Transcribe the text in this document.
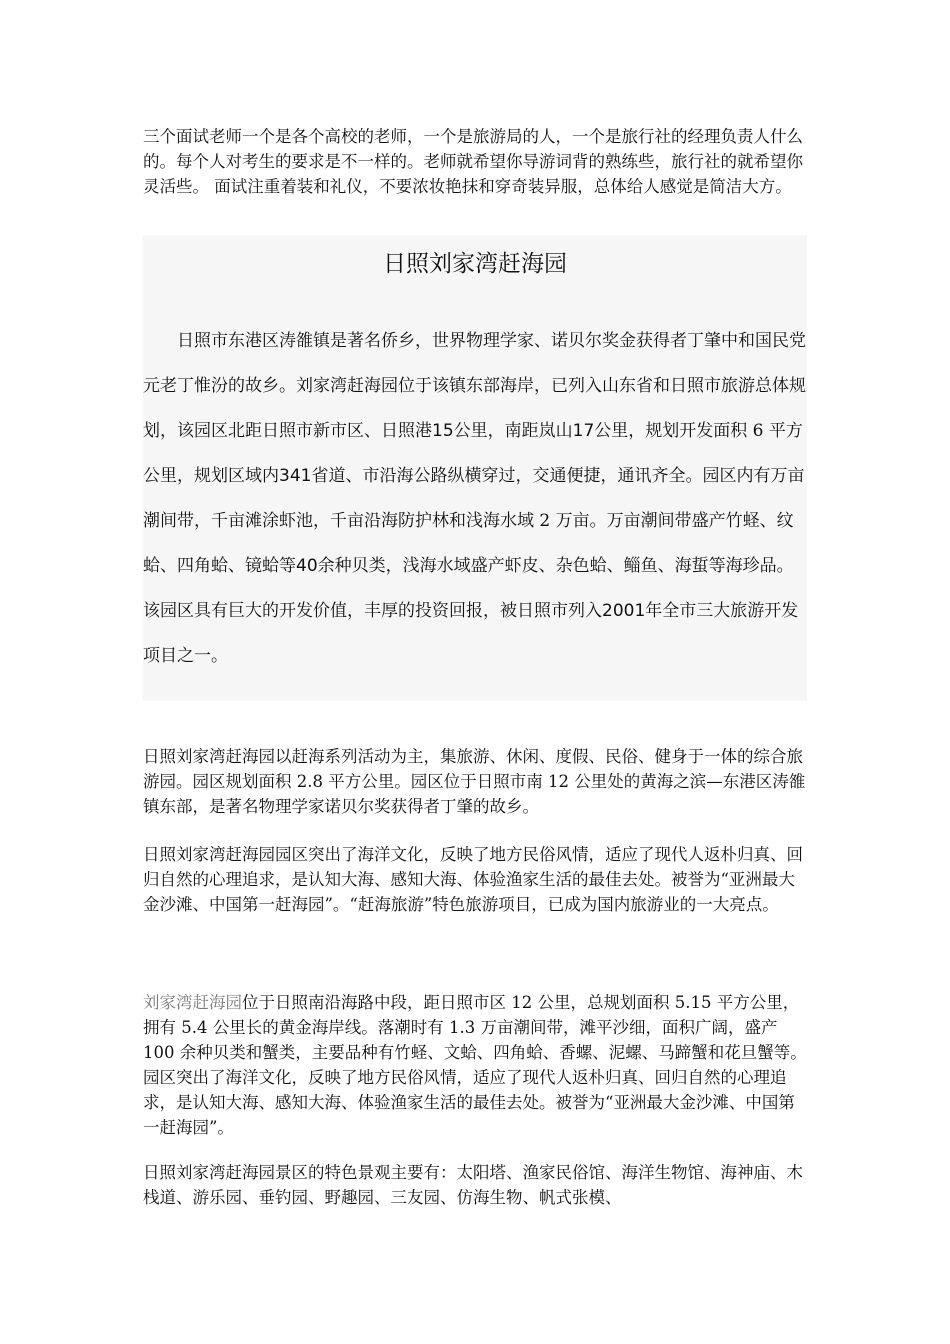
三个面试老师一个是各个高校的老师，一个是旅游局的人，一个是旅行社的经理负责人什么的。每个人对考生的要求是不一样的。老师就希望你导游词背的熟练些，旅行社的就希望你灵活些。 面试注重着装和礼仪，不要浓妆艳抹和穿奇装异服，总体给人感觉是简洁大方。

日照刘家湾赶海园

日照市东港区涛雒镇是著名侨乡，世界物理学家、诺贝尔奖金获得者丁肇中和国民党元老丁惟汾的故乡。刘家湾赶海园位于该镇东部海岸，已列入山东省和日照市旅游总体规划，该园区北距日照市新市区、日照港15公里，南距岚山17公里，规划开发面积 6 平方公里，规划区域内341省道、市沿海公路纵横穿过，交通便捷，通讯齐全。园区内有万亩潮间带，千亩滩涂虾池，千亩沿海防护林和浅海水域 2 万亩。万亩潮间带盛产竹蛏、纹蛤、四角蛤、镜蛤等40余种贝类，浅海水域盛产虾皮、杂色蛤、鲻鱼、海蜇等海珍品。该园区具有巨大的开发价值，丰厚的投资回报，被日照市列入2001年全市三大旅游开发项目之一。

日照刘家湾赶海园以赶海系列活动为主，集旅游、休闲、度假、民俗、健身于一体的综合旅游园。园区规划面积 2.8 平方公里。园区位于日照市南 12 公里处的黄海之滨—东港区涛雒镇东部，是著名物理学家诺贝尔奖获得者丁肇的故乡。

日照刘家湾赶海园园区突出了海洋文化，反映了地方民俗风情，适应了现代人返朴归真、回归自然的心理追求，是认知大海、感知大海、体验渔家生活的最佳去处。被誉为“亚洲最大金沙滩、中国第一赶海园”。“赶海旅游”特色旅游项目，已成为国内旅游业的一大亮点。

刘家湾赶海园位于日照南沿海路中段，距日照市区 12 公里，总规划面积 5.15 平方公里，拥有 5.4 公里长的黄金海岸线。落潮时有 1.3 万亩潮间带，滩平沙细，面积广阔，盛产 100 余种贝类和蟹类，主要品种有竹蛏、文蛤、四角蛤、香螺、泥螺、马蹄蟹和花旦蟹等。园区突出了海洋文化，反映了地方民俗风情，适应了现代人返朴归真、回归自然的心理追求，是认知大海、感知大海、体验渔家生活的最佳去处。被誉为“亚洲最大金沙滩、中国第一赶海园”。

日照刘家湾赶海园景区的特色景观主要有：太阳塔、渔家民俗馆、海洋生物馆、海神庙、木栈道、游乐园、垂钓园、野趣园、三友园、仿海生物、帆式张模、
